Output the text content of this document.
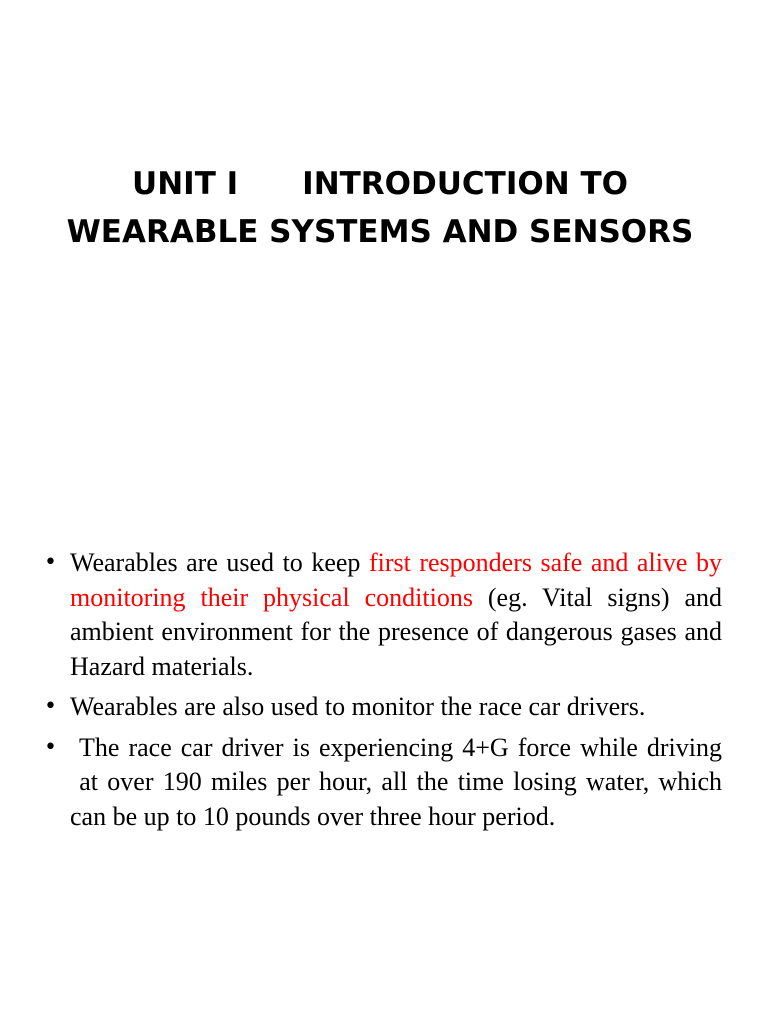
UNIT I INTRODUCTION TO
WEARABLE SYSTEMS AND SENSORS
• Wearables are used to keep first responders safe and alive by monitoring their physical conditions (eg. Vital signs) and ambient environment for the presence of dangerous gases and Hazard materials.
• Wearables are also used to monitor the race car drivers.
• The race car driver is experiencing 4+G force while driving  at over 190 miles per hour, all the time losing water, which can be up to 10 pounds over three hour period.
